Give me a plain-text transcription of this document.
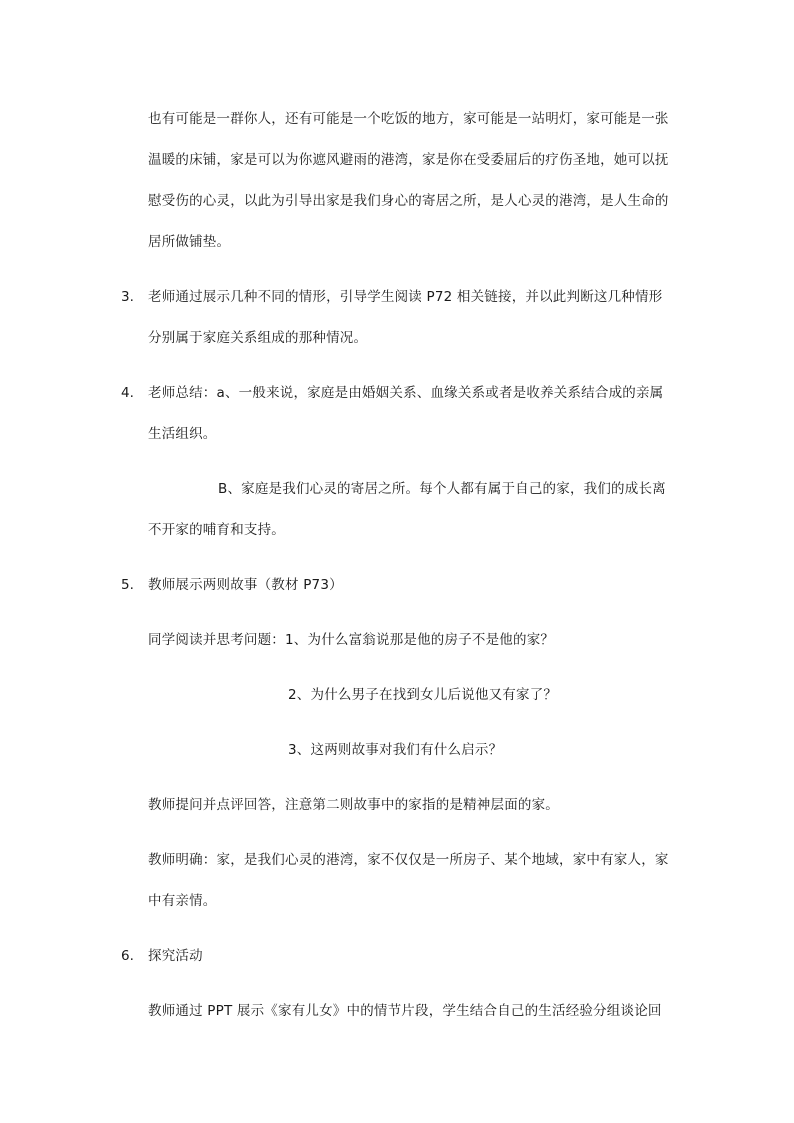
也有可能是一群你人，还有可能是一个吃饭的地方，家可能是一站明灯，家可能是一张
温暖的床铺，家是可以为你遮风避雨的港湾，家是你在受委屈后的疗伤圣地，她可以抚
慰受伤的心灵，以此为引导出家是我们身心的寄居之所，是人心灵的港湾，是人生命的
居所做铺垫。
3. 老师通过展示几种不同的情形，引导学生阅读 P72 相关链接，并以此判断这几种情形
分别属于家庭关系组成的那种情况。
4. 老师总结：a、一般来说，家庭是由婚姻关系、血缘关系或者是收养关系结合成的亲属
生活组织。
B、家庭是我们心灵的寄居之所。每个人都有属于自己的家，我们的成长离
不开家的哺育和支持。
5. 教师展示两则故事（教材 P73）
同学阅读并思考问题：1、为什么富翁说那是他的房子不是他的家？
2、为什么男子在找到女儿后说他又有家了？
3、这两则故事对我们有什么启示？
教师提问并点评回答，注意第二则故事中的家指的是精神层面的家。
教师明确：家，是我们心灵的港湾，家不仅仅是一所房子、某个地域，家中有家人，家
中有亲情。
6. 探究活动
教师通过 PPT 展示《家有儿女》中的情节片段，学生结合自己的生活经验分组谈论回
